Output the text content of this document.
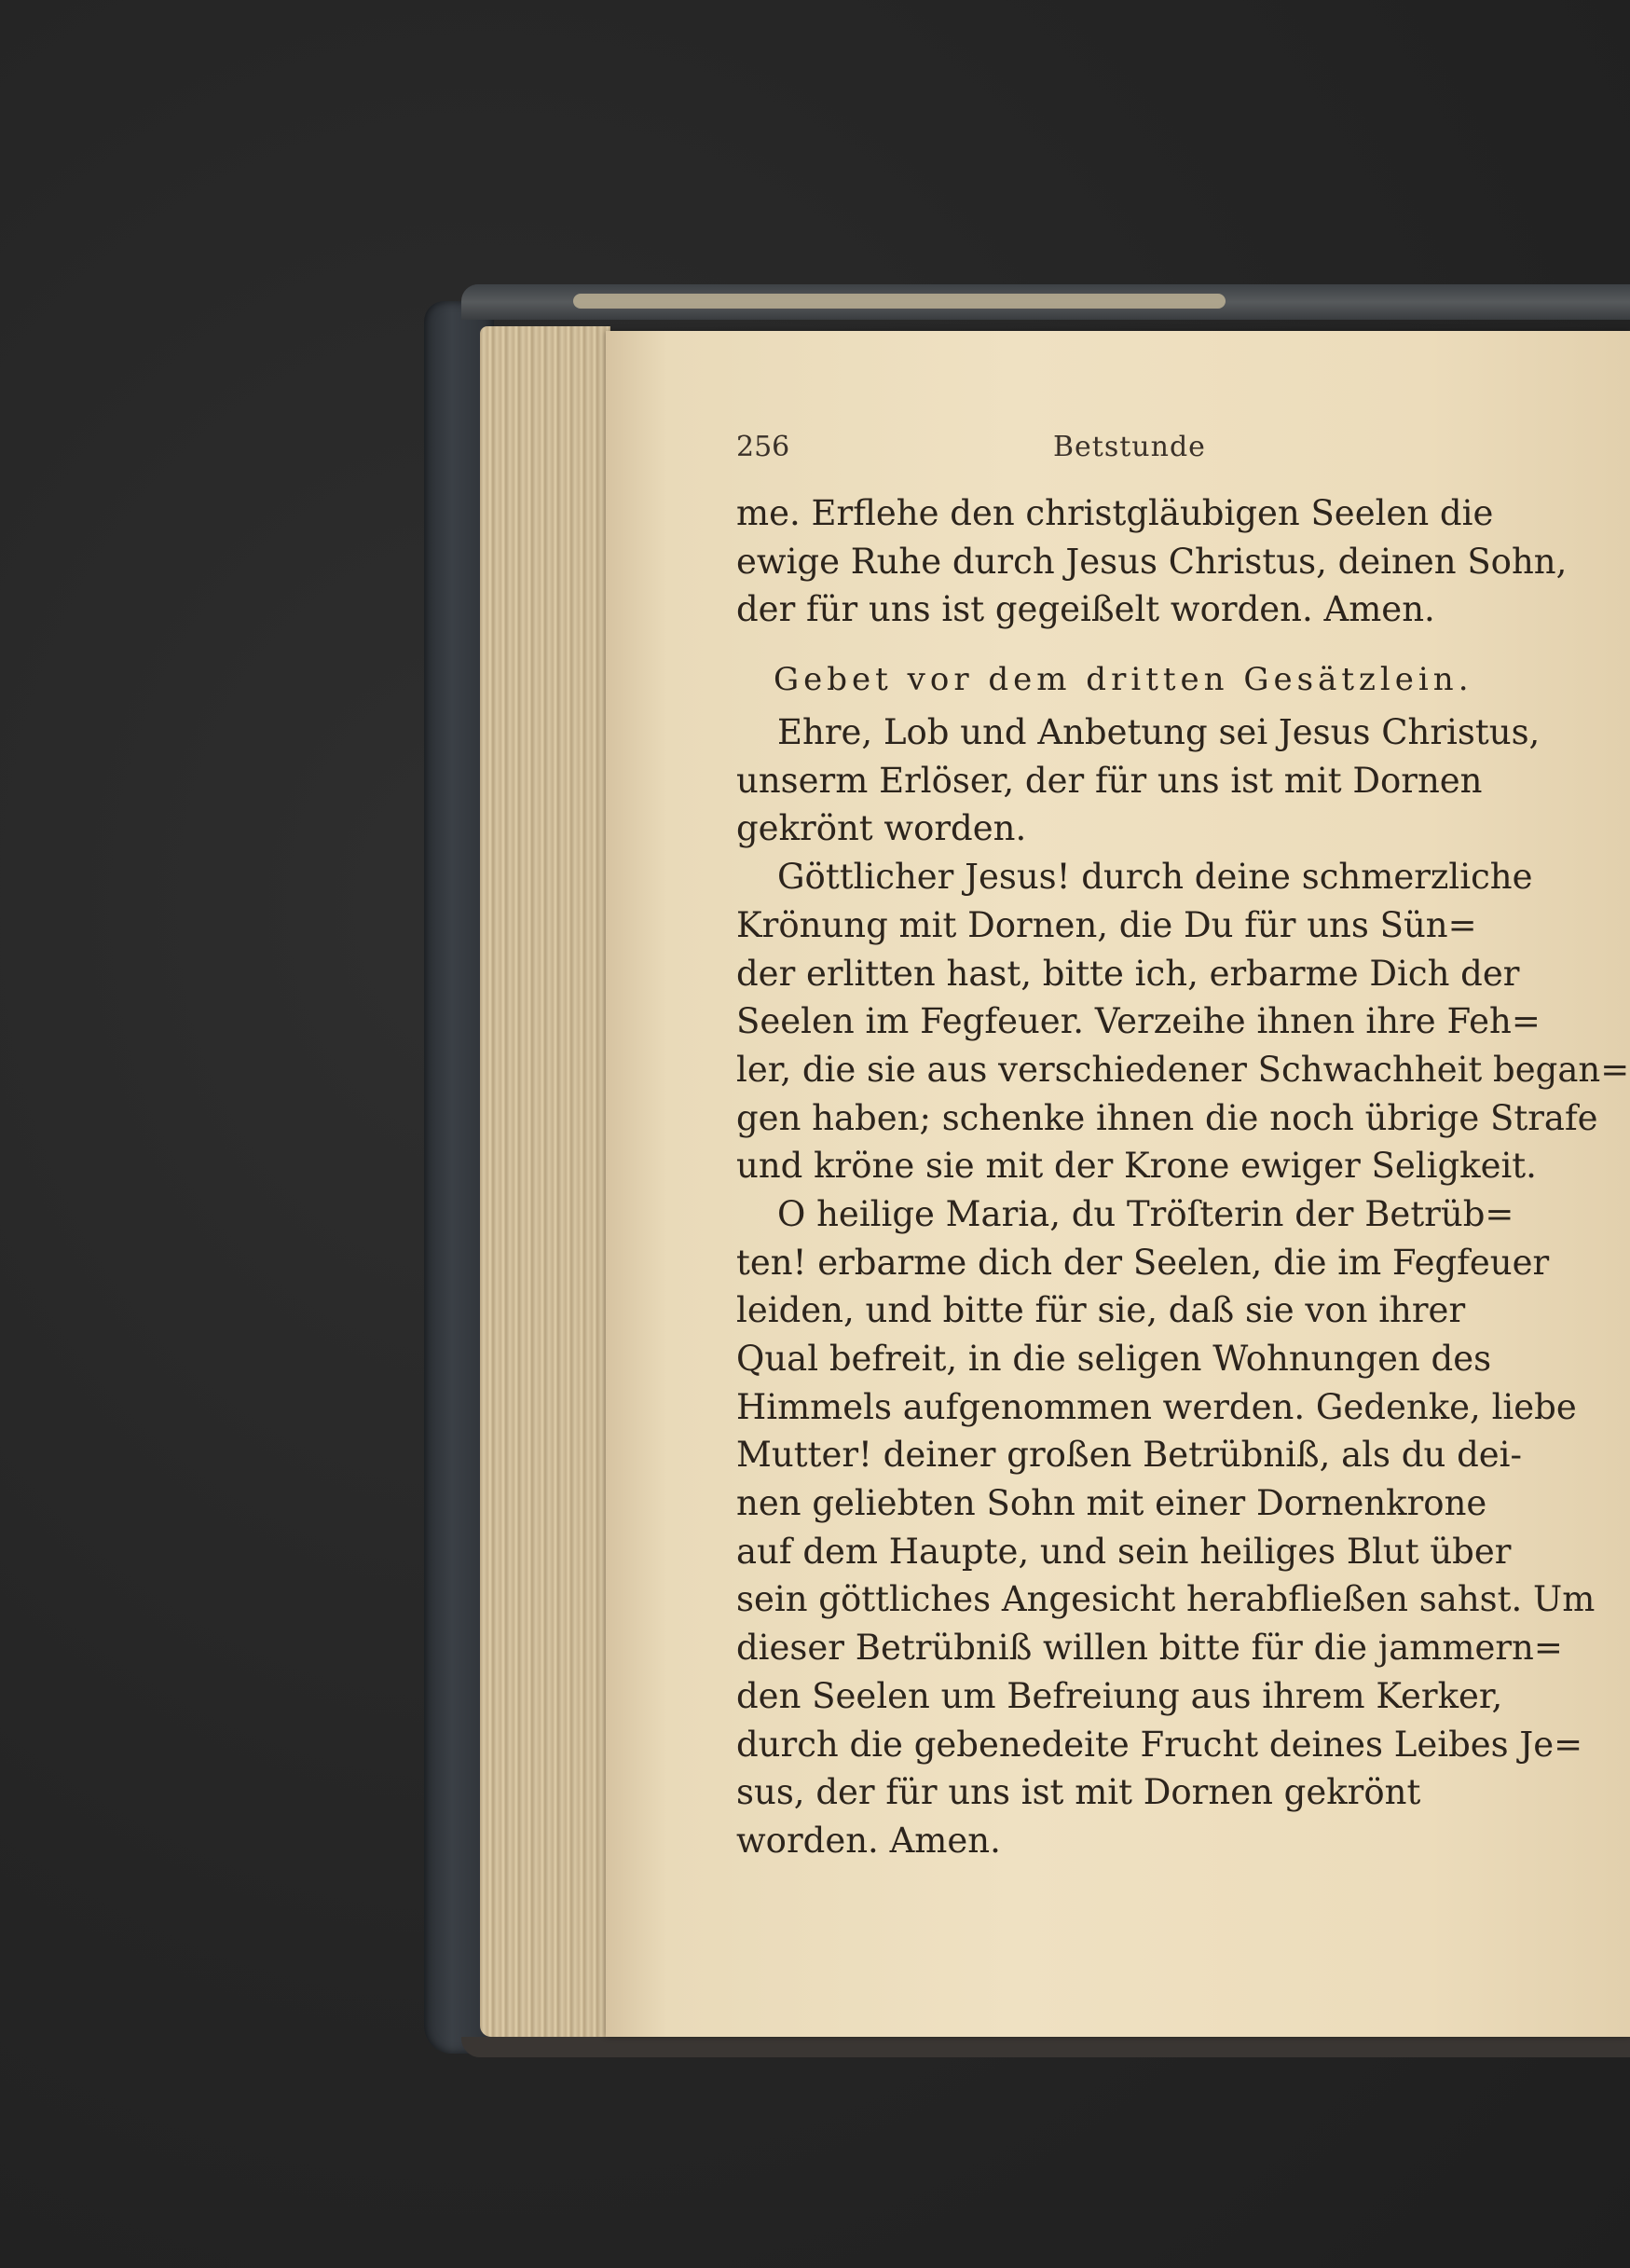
256	Betstunde
me. Erflehe den christgläubigen Seelen die
ewige Ruhe durch Jesus Christus, deinen Sohn,
der für uns ist gegeißelt worden. Amen.
Gebet vor dem dritten Gesätzlein.
Ehre, Lob und Anbetung sei Jesus Christus,
unserm Erlöser, der für uns ist mit Dornen
gekrönt worden.
Göttlicher Jesus! durch deine schmerzliche
Krönung mit Dornen, die Du für uns Sün=
der erlitten hast, bitte ich, erbarme Dich der
Seelen im Fegfeuer. Verzeihe ihnen ihre Feh=
ler, die sie aus verschiedener Schwachheit began=
gen haben; schenke ihnen die noch übrige Strafe
und kröne sie mit der Krone ewiger Seligkeit.
O heilige Maria, du Tröſterin der Betrüb=
ten! erbarme dich der Seelen, die im Fegfeuer
leiden, und bitte für sie, daß sie von ihrer
Qual befreit, in die seligen Wohnungen des
Himmels aufgenommen werden. Gedenke, liebe
Mutter! deiner großen Betrübniß, als du dei-
nen geliebten Sohn mit einer Dornenkrone
auf dem Haupte, und sein heiliges Blut über
sein göttliches Angesicht herabfließen sahst. Um
dieser Betrübniß willen bitte für die jammern=
den Seelen um Befreiung aus ihrem Kerker,
durch die gebenedeite Frucht deines Leibes Je=
sus, der für uns ist mit Dornen gekrönt
worden. Amen.
